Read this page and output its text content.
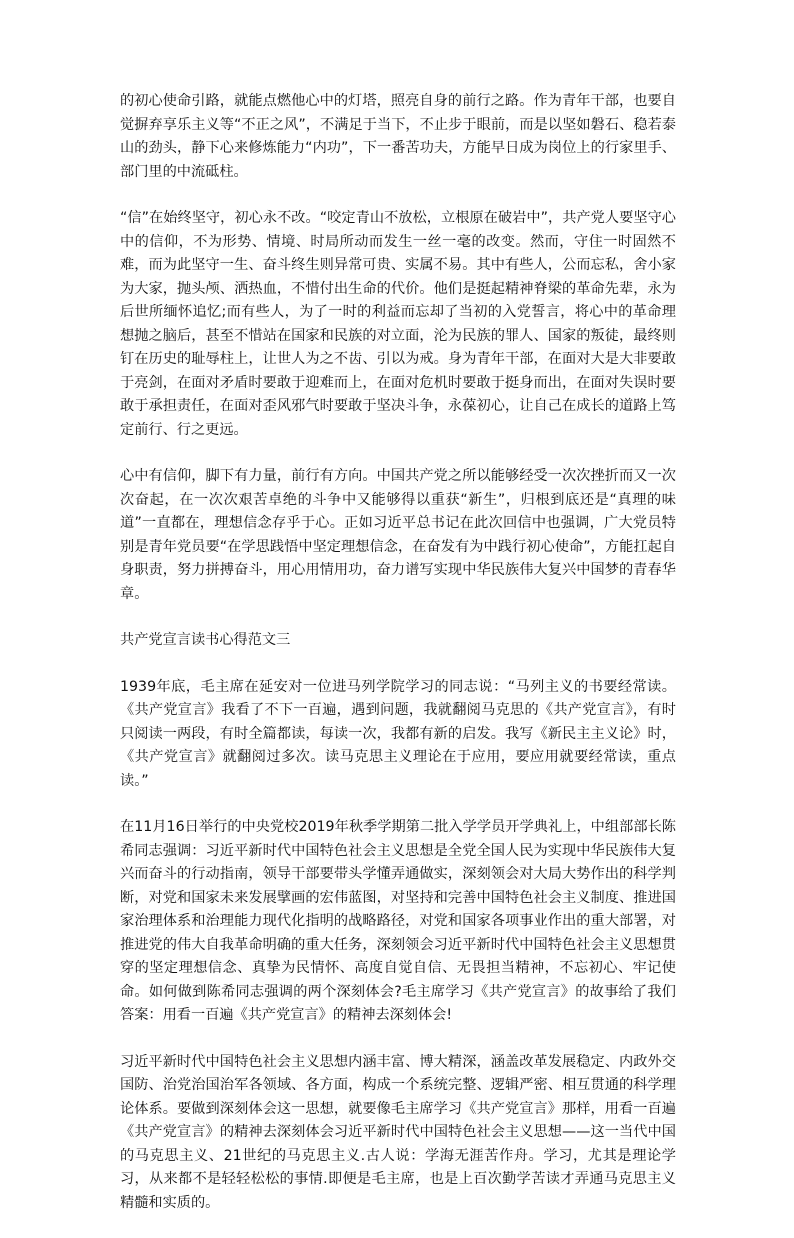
的初心使命引路，就能点燃他心中的灯塔，照亮自身的前行之路。作为青年干部，也要自觉摒弃享乐主义等“不正之风”，不满足于当下，不止步于眼前，而是以坚如磐石、稳若泰山的劲头，静下心来修炼能力“内功”，下一番苦功夫，方能早日成为岗位上的行家里手、部门里的中流砥柱。

“信”在始终坚守，初心永不改。“咬定青山不放松，立根原在破岩中”，共产党人要坚守心中的信仰，不为形势、情境、时局所动而发生一丝一毫的改变。然而，守住一时固然不难，而为此坚守一生、奋斗终生则异常可贵、实属不易。其中有些人，公而忘私，舍小家为大家，抛头颅、洒热血，不惜付出生命的代价。他们是挺起精神脊梁的革命先辈，永为后世所缅怀追忆;而有些人，为了一时的利益而忘却了当初的入党誓言，将心中的革命理想抛之脑后，甚至不惜站在国家和民族的对立面，沦为民族的罪人、国家的叛徒，最终则钉在历史的耻辱柱上，让世人为之不齿、引以为戒。身为青年干部，在面对大是大非要敢于亮剑，在面对矛盾时要敢于迎难而上，在面对危机时要敢于挺身而出，在面对失误时要敢于承担责任，在面对歪风邪气时要敢于坚决斗争，永葆初心，让自己在成长的道路上笃定前行、行之更远。

心中有信仰，脚下有力量，前行有方向。中国共产党之所以能够经受一次次挫折而又一次次奋起，在一次次艰苦卓绝的斗争中又能够得以重获“新生”，归根到底还是“真理的味道”一直都在，理想信念存乎于心。正如习近平总书记在此次回信中也强调，广大党员特别是青年党员要“在学思践悟中坚定理想信念，在奋发有为中践行初心使命”，方能扛起自身职责，努力拼搏奋斗，用心用情用功，奋力谱写实现中华民族伟大复兴中国梦的青春华章。

共产党宣言读书心得范文三

1939年底，毛主席在延安对一位进马列学院学习的同志说：“马列主义的书要经常读。《共产党宣言》我看了不下一百遍，遇到问题，我就翻阅马克思的《共产党宣言》，有时只阅读一两段，有时全篇都读，每读一次，我都有新的启发。我写《新民主主义论》时，《共产党宣言》就翻阅过多次。读马克思主义理论在于应用，要应用就要经常读，重点读。”

在11月16日举行的中央党校2019年秋季学期第二批入学学员开学典礼上，中组部部长陈希同志强调：习近平新时代中国特色社会主义思想是全党全国人民为实现中华民族伟大复兴而奋斗的行动指南，领导干部要带头学懂弄通做实，深刻领会对大局大势作出的科学判断，对党和国家未来发展擘画的宏伟蓝图，对坚持和完善中国特色社会主义制度、推进国家治理体系和治理能力现代化指明的战略路径，对党和国家各项事业作出的重大部署，对推进党的伟大自我革命明确的重大任务，深刻领会习近平新时代中国特色社会主义思想贯穿的坚定理想信念、真挚为民情怀、高度自觉自信、无畏担当精神，不忘初心、牢记使命。如何做到陈希同志强调的两个深刻体会?毛主席学习《共产党宣言》的故事给了我们答案：用看一百遍《共产党宣言》的精神去深刻体会!

习近平新时代中国特色社会主义思想内涵丰富、博大精深，涵盖改革发展稳定、内政外交国防、治党治国治军各领域、各方面，构成一个系统完整、逻辑严密、相互贯通的科学理论体系。要做到深刻体会这一思想，就要像毛主席学习《共产党宣言》那样，用看一百遍《共产党宣言》的精神去深刻体会习近平新时代中国特色社会主义思想——这一当代中国的马克思主义、21世纪的马克思主义.古人说：学海无涯苦作舟。学习，尤其是理论学习，从来都不是轻轻松松的事情.即便是毛主席，也是上百次勤学苦读才弄通马克思主义精髓和实质的。
